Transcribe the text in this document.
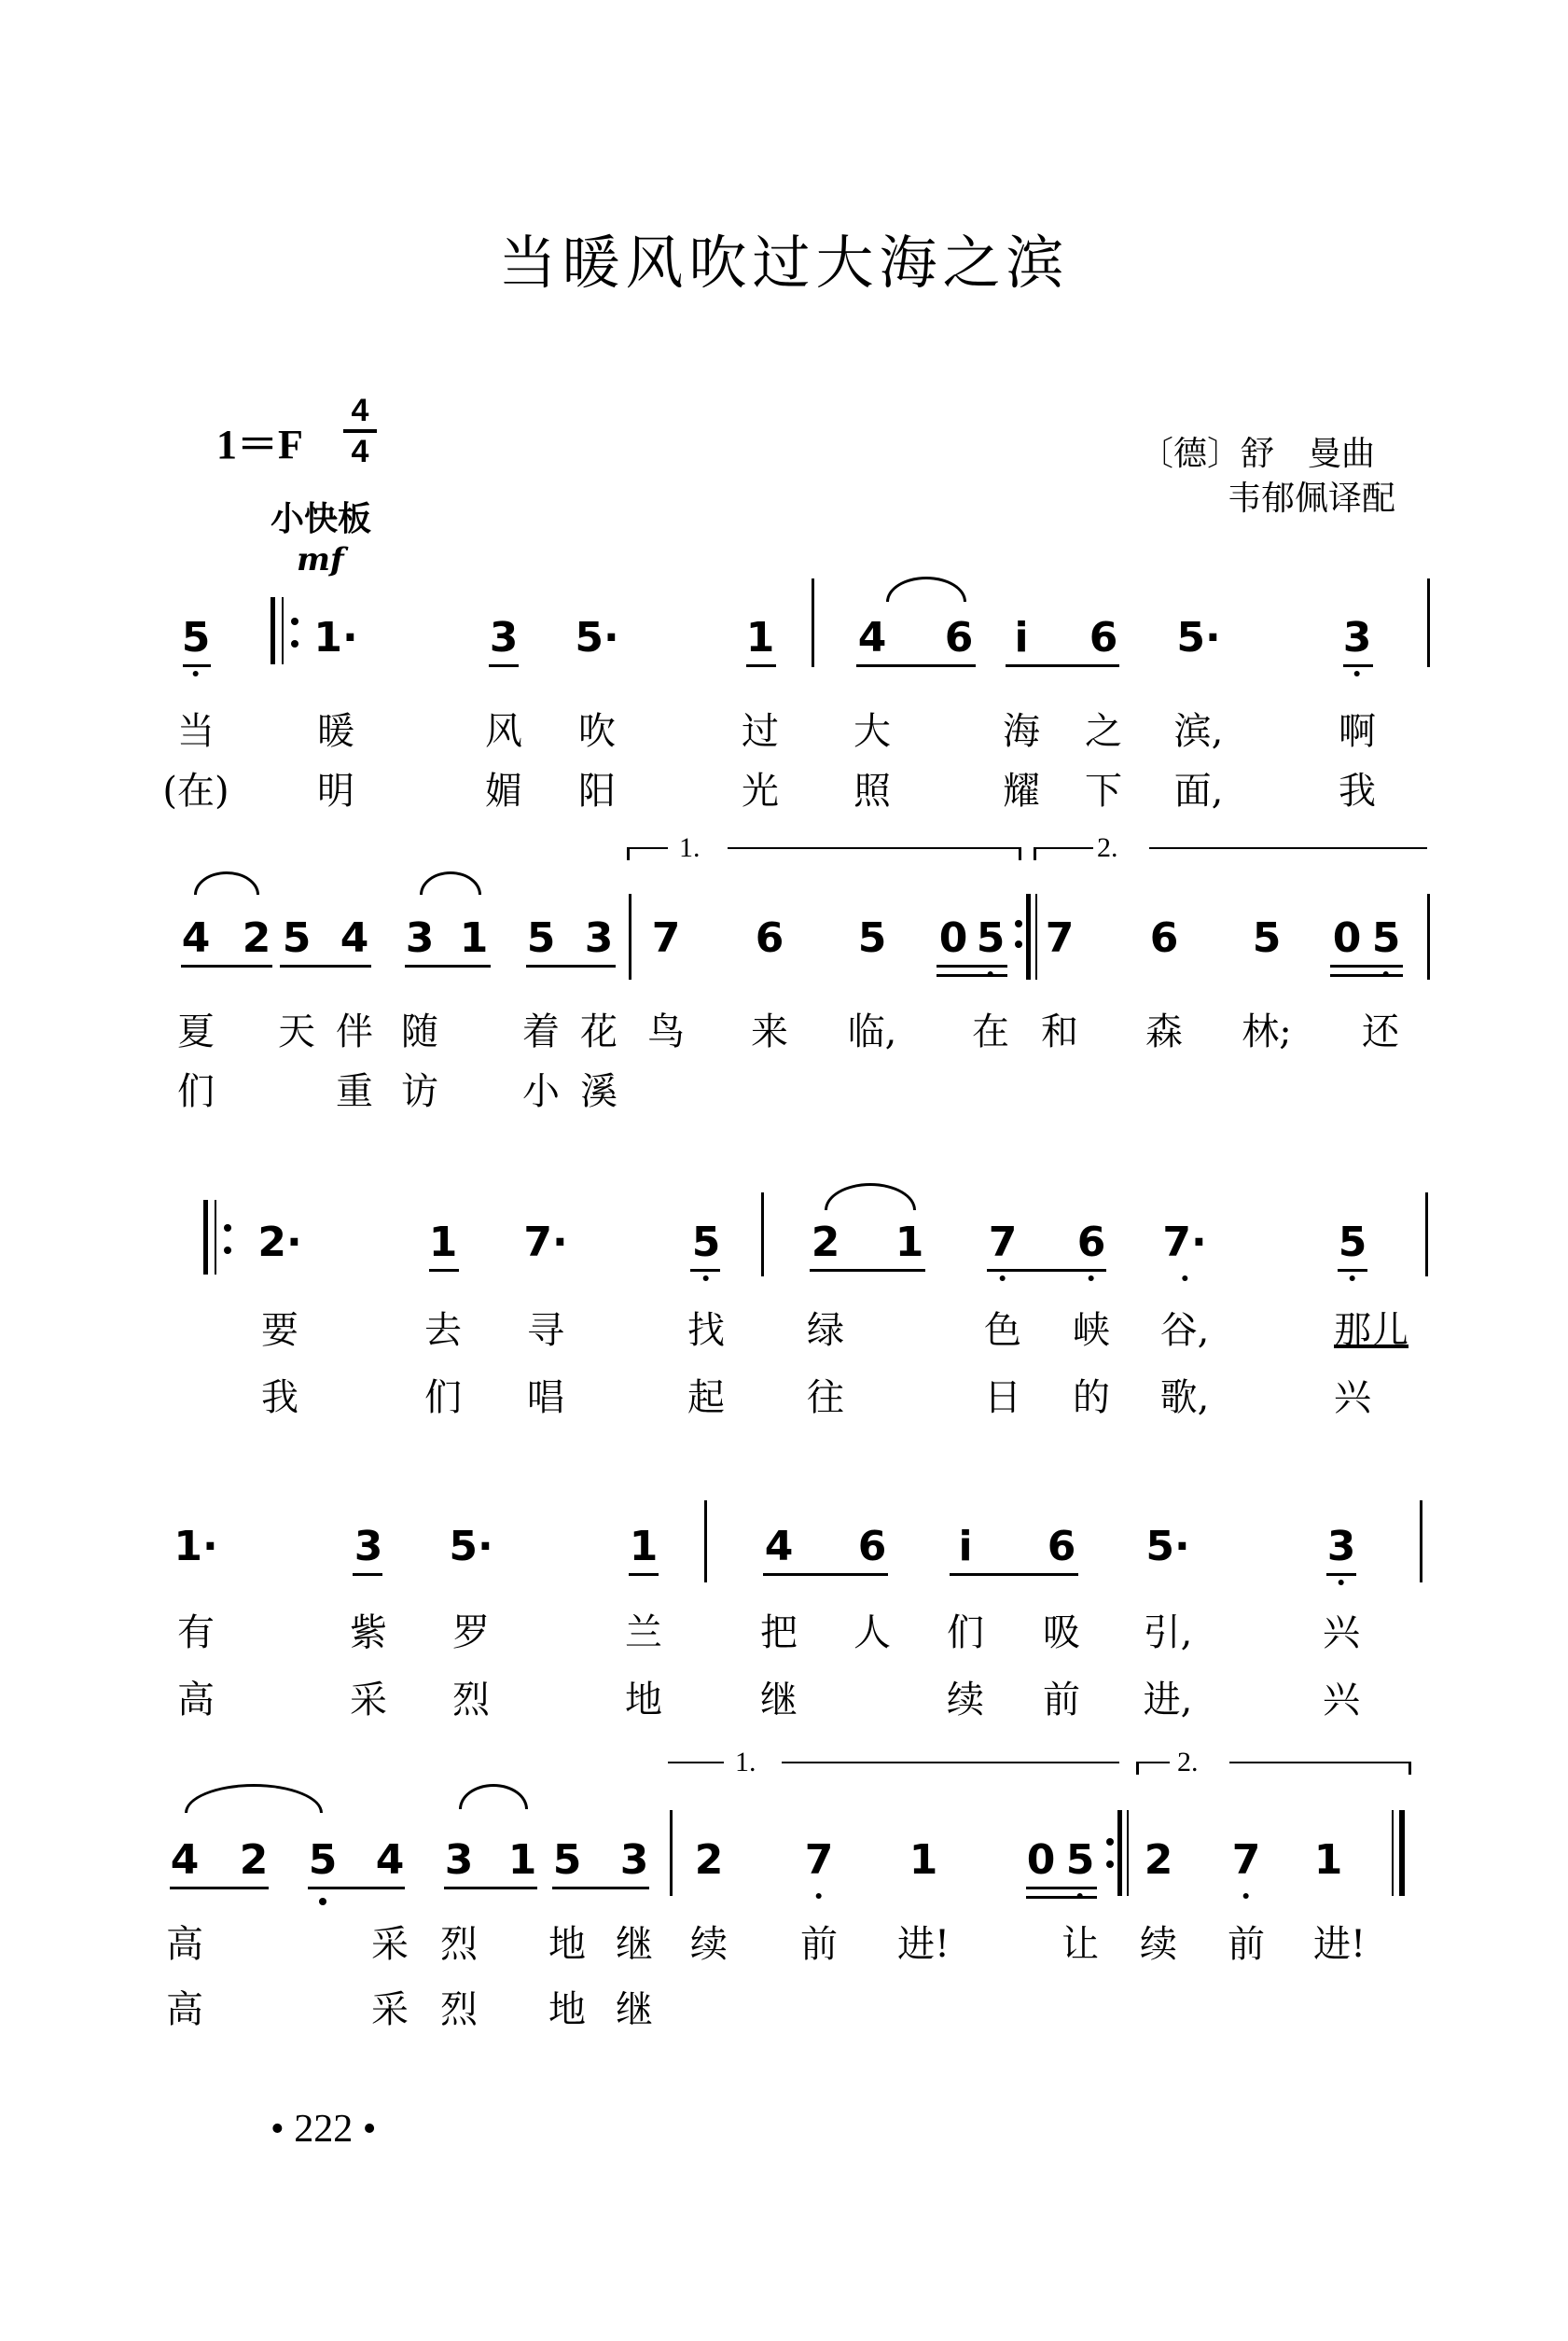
当暖风吹过大海之滨
1＝F
4
4
小快板
mf
〔德〕舒　曼曲
韦郁佩译配
5	1·	3 5·	1 4 6 i 6 5·	3
当	暖	风 吹	过 大	海 之 滨,	啊
(在) 明	媚 阳	光 照	耀 下 面,	我
1.	2.
4 2 5 4 3 1 5 3 7 6 5 0 5 7 6 5 0 5
夏 天 伴 随 着 花 鸟 来 临, 在 和 森 林; 还
们	重 访 小 溪
2·	1 7·	5 2 1 7 6 7·	5
要	去 寻	找 绿	色 峡 谷,	那儿
我	们 唱	起 往	日 的 歌,	兴
1·	3 5·	1	4 6 i 6 5·	3
有	紫 罗	兰	把 人 们 吸 引,	兴
高	采 烈	地	继	续 前 进,	兴
1.	2.
4 2 5 4 3 1 5 3 2 7 1 0 5 2 7 1
高	采 烈 地 继 续 前 进!	让 续 前 进!
高	采 烈 地 继
• 222 •
